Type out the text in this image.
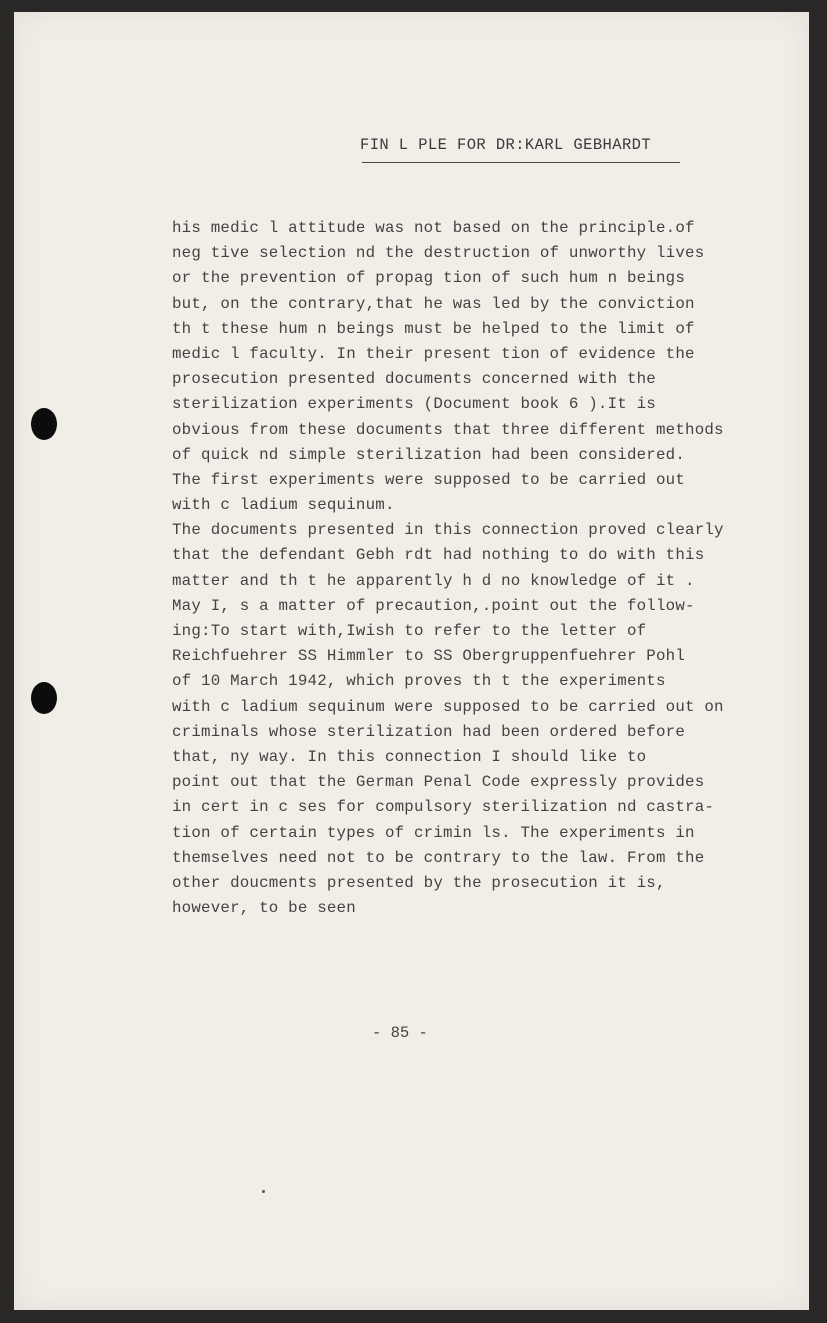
FIN L PLE FOR DR:KARL GEBHARDT
his medic l attitude was not based on the principle.of
neg tive selection nd the destruction of unworthy lives
or the prevention of propag tion of such hum n beings
but, on the contrary,that he was led by the conviction
th t these hum n beings must be helped to the limit of
medic l faculty. In their present tion of evidence the
prosecution presented documents concerned with the
sterilization experiments (Document book 6 ).It is
obvious from these documents that three different methods
of quick nd simple sterilization had been considered.
The first experiments were supposed to be carried out
with c ladium sequinum.
The documents presented in this connection proved clearly
that the defendant Gebh rdt had nothing to do with this
matter and th t he apparently h d no knowledge of it .
May I, s a matter of precaution,.point out the follow-
ing:To start with,Iwish to refer to the letter of
Reichfuehrer SS Himmler to SS Obergruppenfuehrer Pohl
of 10 March 1942, which proves th t the experiments
with c ladium sequinum were supposed to be carried out on
criminals whose sterilization had been ordered before
that, ny way. In this connection I should like to
point out that the German Penal Code expressly provides
in cert in c ses for compulsory sterilization nd castra-
tion of certain types of crimin ls. The experiments in
themselves need not to be contrary to the law. From the
other doucments presented by the prosecution it is,
however, to be seen
- 85 -
